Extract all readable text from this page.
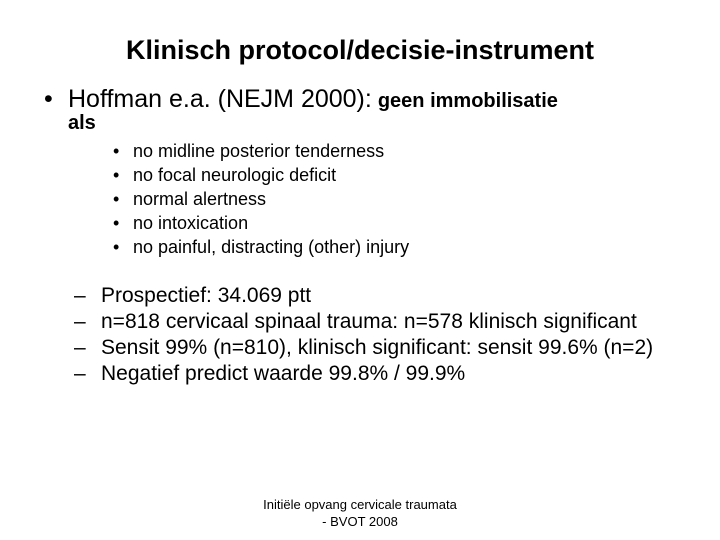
Klinisch protocol/decisie-instrument
• Hoffman e.a. (NEJM 2000): geen immobilisatie
als
• no midline posterior tenderness
• no focal neurologic deficit
• normal alertness
• no intoxication
• no painful, distracting (other) injury
– Prospectief: 34.069 ptt
– n=818 cervicaal spinaal trauma: n=578 klinisch significant
– Sensit 99% (n=810), klinisch significant: sensit 99.6% (n=2)
– Negatief predict waarde 99.8% / 99.9%
Initiële opvang cervicale traumata
- BVOT 2008
